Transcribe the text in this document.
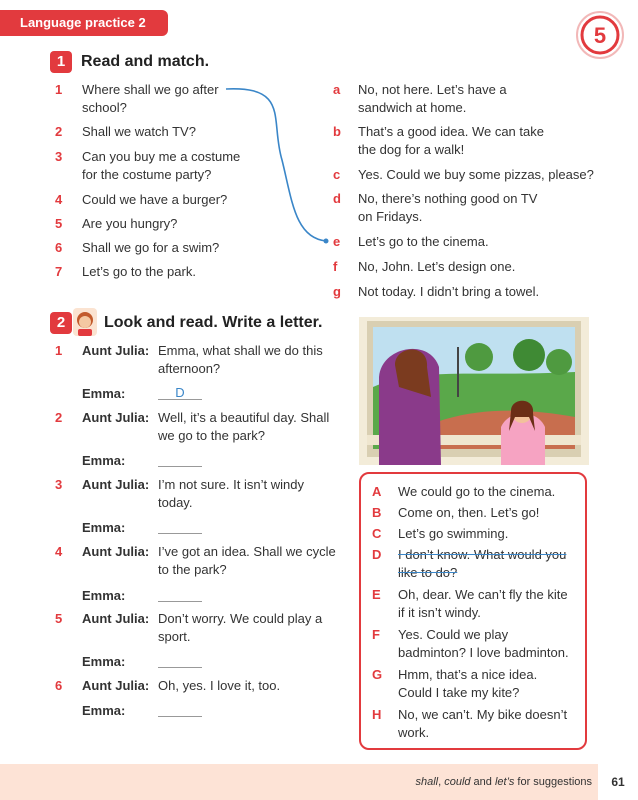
Language practice 2
5
1 Read and match.
1 Where shall we go after
school?
2 Shall we watch TV?
3 Can you buy me a costume
for the costume party?
4 Could we have a burger?
5 Are you hungry?
6 Shall we go for a swim?
7 Let’s go to the park.
a No, not here. Let’s have a
sandwich at home.
b That’s a good idea. We can take
the dog for a walk!
c Yes. Could we buy some pizzas, please?
d No, there’s nothing good on TV
on Fridays.
e Let’s go to the cinema.
f No, John. Let’s design one.
g Not today. I didn’t bring a towel.
2	Look and read. Write a letter.
1 Aunt Julia: Emma, what shall we do this
afternoon?
Emma:	D
2 Aunt Julia: Well, it’s a beautiful day. Shall
we go to the park?
Emma:
3 Aunt Julia: I’m not sure. It isn’t windy
today.
Emma:
4 Aunt Julia: I’ve got an idea. Shall we cycle
to the park?
Emma:
5 Aunt Julia: Don’t worry. We could play a
sport.
Emma:
6 Aunt Julia: Oh, yes. I love it, too.
Emma:
A We could go to the cinema.
B Come on, then. Let’s go!
C Let’s go swimming.
D I don’t know. What would you
like to do?
E Oh, dear. We can’t fly the kite
if it isn’t windy.
F Yes. Could we play
badminton? I love badminton.
G Hmm, that’s a nice idea.
Could I take my kite?
H No, we can’t. My bike doesn’t
work.
shall, could and let’s for suggestions	61
